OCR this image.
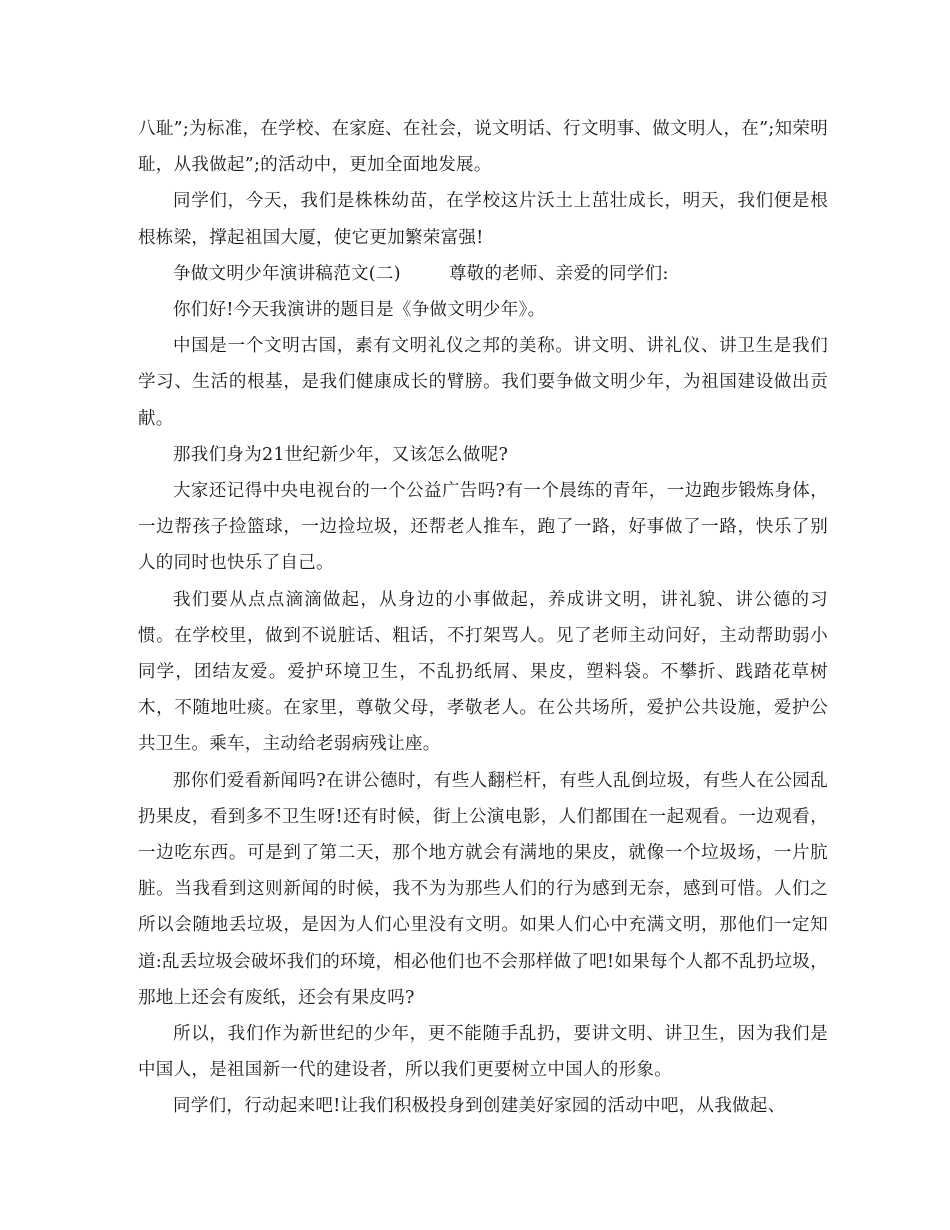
八耻”;为标准，在学校、在家庭、在社会，说文明话、行文明事、做文明人，在”;知荣明耻，从我做起”;的活动中，更加全面地发展。

同学们，今天，我们是株株幼苗，在学校这片沃土上茁壮成长，明天，我们便是根根栋梁，撑起祖国大厦，使它更加繁荣富强!

争做文明少年演讲稿范文(二)	尊敬的老师、亲爱的同学们:

你们好!今天我演讲的题目是《争做文明少年》。

中国是一个文明古国，素有文明礼仪之邦的美称。讲文明、讲礼仪、讲卫生是我们学习、生活的根基，是我们健康成长的臂膀。我们要争做文明少年，为祖国建设做出贡献。

那我们身为21世纪新少年，又该怎么做呢?

大家还记得中央电视台的一个公益广告吗?有一个晨练的青年，一边跑步锻炼身体，一边帮孩子捡篮球，一边捡垃圾，还帮老人推车，跑了一路，好事做了一路，快乐了别人的同时也快乐了自己。

我们要从点点滴滴做起，从身边的小事做起，养成讲文明，讲礼貌、讲公德的习惯。在学校里，做到不说脏话、粗话，不打架骂人。见了老师主动问好，主动帮助弱小同学，团结友爱。爱护环境卫生，不乱扔纸屑、果皮，塑料袋。不攀折、践踏花草树木，不随地吐痰。在家里，尊敬父母，孝敬老人。在公共场所，爱护公共设施，爱护公共卫生。乘车，主动给老弱病残让座。

那你们爱看新闻吗?在讲公德时，有些人翻栏杆，有些人乱倒垃圾，有些人在公园乱扔果皮，看到多不卫生呀!还有时候，街上公演电影，人们都围在一起观看。一边观看，一边吃东西。可是到了第二天，那个地方就会有满地的果皮，就像一个垃圾场，一片肮脏。当我看到这则新闻的时候，我不为为那些人们的行为感到无奈，感到可惜。人们之所以会随地丢垃圾，是因为人们心里没有文明。如果人们心中充满文明，那他们一定知道:乱丢垃圾会破坏我们的环境，相必他们也不会那样做了吧!如果每个人都不乱扔垃圾，那地上还会有废纸，还会有果皮吗?

所以，我们作为新世纪的少年，更不能随手乱扔，要讲文明、讲卫生，因为我们是中国人，是祖国新一代的建设者，所以我们更要树立中国人的形象。

同学们，行动起来吧!让我们积极投身到创建美好家园的活动中吧，从我做起、
